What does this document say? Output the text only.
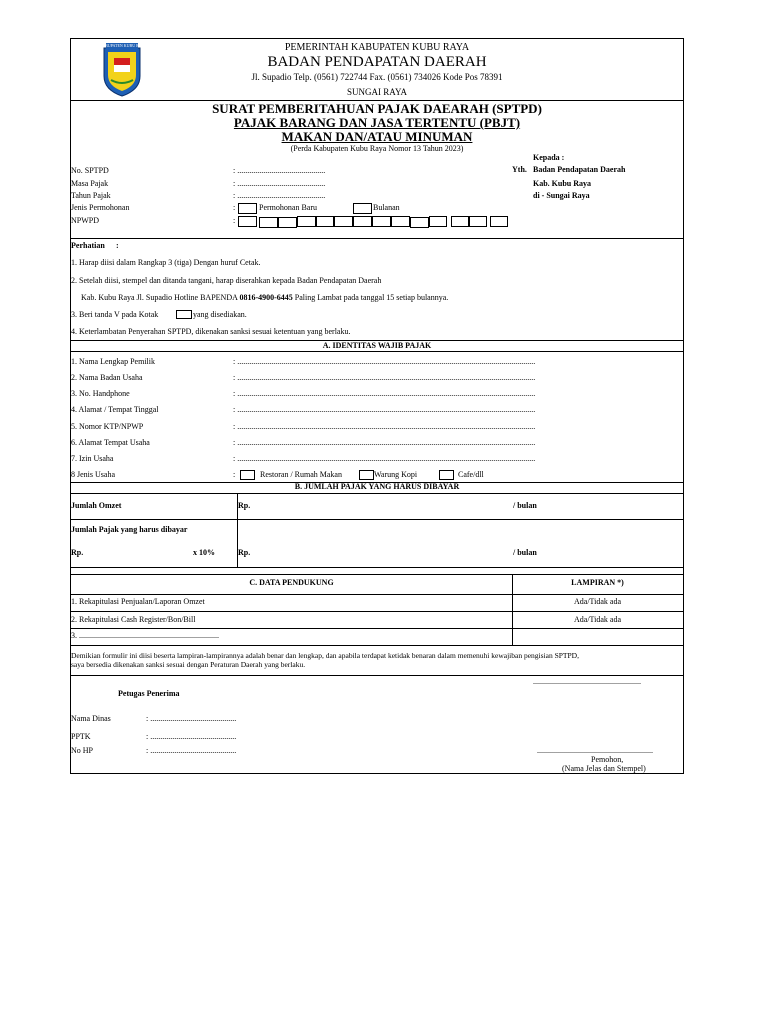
KABUPATEN KUBU RAYA	PEMERINTAH KABUPATEN KUBU RAYA
BADAN PENDAPATAN DAERAH
Jl. Supadio Telp. (0561) 722744 Fax. (0561) 734026 Kode Pos 78391
SUNGAI RAYA
SURAT PEMBERITAHUAN PAJAK DAEARAH (SPTPD)
PAJAK BARANG DAN JASA TERTENTU (PBJT)
MAKAN DAN/ATAU MINUMAN
(Perda Kabupaten Kubu Raya Nomor 13 Tahun 2023)
No. SPTPD	: ............................................
Masa Pajak	: ............................................
Tahun Pajak	: ............................................
Jenis Permohonan	:	Permohonan Baru	Bulanan
NPWPD	:
Kepada :
Yth. Badan Pendapatan Daerah
Kab. Kubu Raya
di - Sungai Raya
Perhatian :
1. Harap diisi dalam Rangkap 3 (tiga) Dengan huruf Cetak.
2. Setelah diisi, stempel dan ditanda tangani, harap diserahkan kepada Badan Pendapatan Daerah
Kab. Kubu Raya Jl. Supadio Hotline BAPENDA 0816-4900-6445 Paling Lambat pada tanggal 15 setiap bulannya.
3. Beri tanda V pada Kotak	yang disediakan.
4. Keterlambatan Penyerahan SPTPD, dikenakan sanksi sesuai ketentuan yang berlaku.
A. IDENTITAS WAJIB PAJAK
1. Nama Lengkap Pemilik	: .....................................................................................................................................................
2. Nama Badan Usaha	: .....................................................................................................................................................
3. No. Handphone	: .....................................................................................................................................................
4. Alamat / Tempat Tinggal	: .....................................................................................................................................................
5. Nomor KTP/NPWP	: .....................................................................................................................................................
6. Alamat Tempat Usaha	: .....................................................................................................................................................
7. Izin Usaha	: .....................................................................................................................................................
8 Jenis Usaha	:	Restoran / Rumah Makan	Warung Kopi	Cafe/dll
B. JUMLAH PAJAK YANG HARUS DIBAYAR
Jumlah Omzet	Rp.	/ bulan
Jumlah Pajak yang harus dibayar
Rp.	x 10%	Rp.	/ bulan
C. DATA PENDUKUNG	LAMPIRAN *)
1. Rekapitulasi Penjualan/Laporan Omzet	Ada/Tidak ada
2. Rekapitulasi Cash Register/Bon/Bill	Ada/Tidak ada
3. ......................................................................
Demikian formulir ini diisi beserta lampiran-lampirannya adalah benar dan lengkap, dan apabila terdapat ketidak benaran dalam memenuhi kewajiban pengisian SPTPD,
saya bersedia dikenakan sanksi sesuai dengan Peraturan Daerah yang berlaku.
......................................................
Petugas Penerima
Nama Dinas	: ...........................................
PPTK	: ...........................................
No HP	: ...........................................	..........................................................
Pemohon,
(Nama Jelas dan Stempel)
